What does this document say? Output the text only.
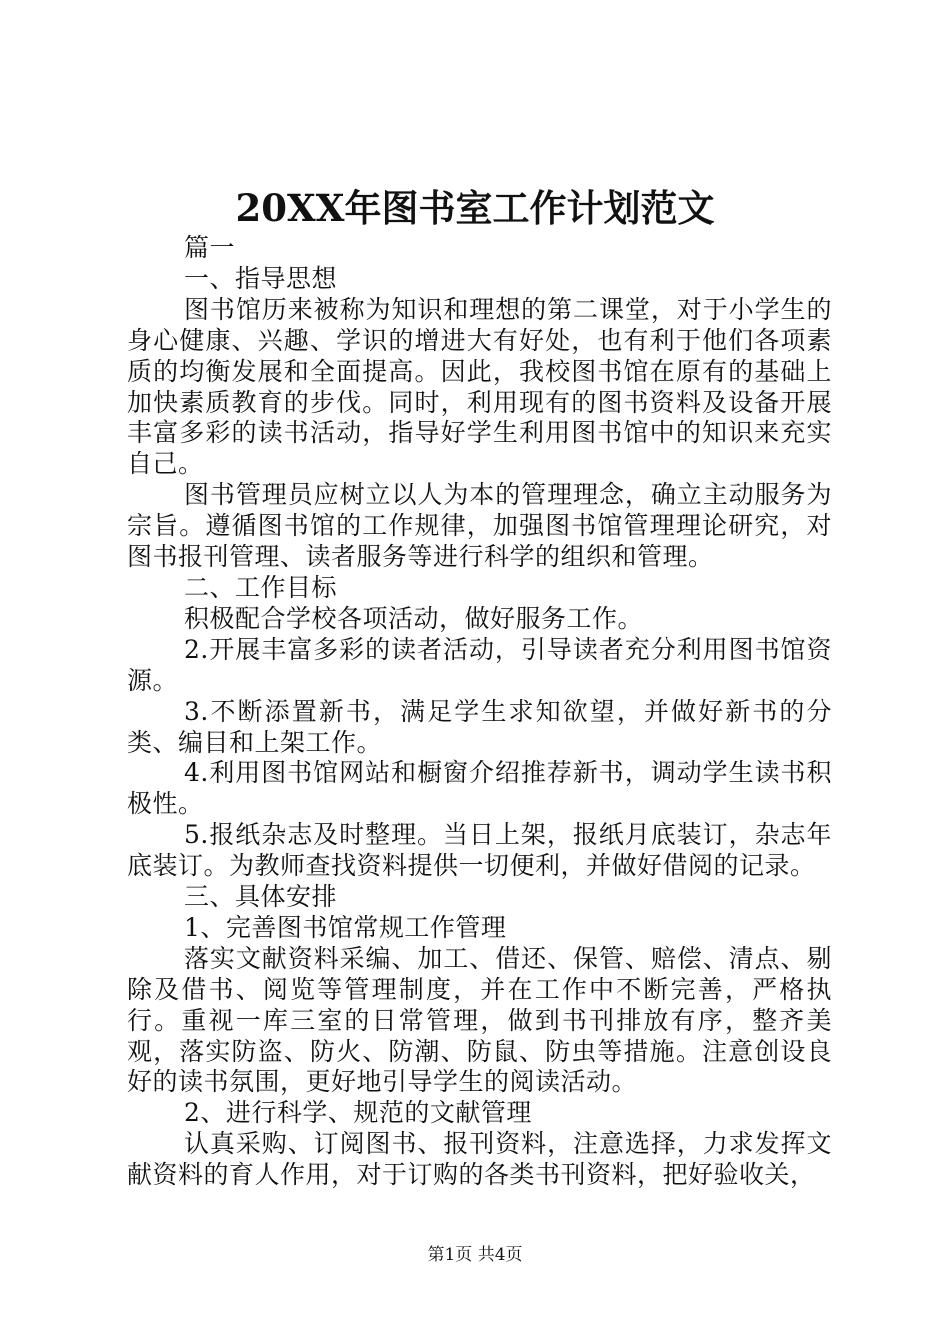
20XX年图书室工作计划范文

篇一

一、指导思想

图书馆历来被称为知识和理想的第二课堂，对于小学生的身心健康、兴趣、学识的增进大有好处，也有利于他们各项素质的均衡发展和全面提高。因此，我校图书馆在原有的基础上加快素质教育的步伐。同时，利用现有的图书资料及设备开展丰富多彩的读书活动，指导好学生利用图书馆中的知识来充实自己。

图书管理员应树立以人为本的管理理念，确立主动服务为宗旨。遵循图书馆的工作规律，加强图书馆管理理论研究，对图书报刊管理、读者服务等进行科学的组织和管理。

二、工作目标

积极配合学校各项活动，做好服务工作。

2.开展丰富多彩的读者活动，引导读者充分利用图书馆资源。

3.不断添置新书，满足学生求知欲望，并做好新书的分类、编目和上架工作。

4.利用图书馆网站和橱窗介绍推荐新书，调动学生读书积极性。

5.报纸杂志及时整理。当日上架，报纸月底装订，杂志年底装订。为教师查找资料提供一切便利，并做好借阅的记录。

三、具体安排

1、完善图书馆常规工作管理

落实文献资料采编、加工、借还、保管、赔偿、清点、剔除及借书、阅览等管理制度，并在工作中不断完善，严格执行。重视一库三室的日常管理，做到书刊排放有序，整齐美观，落实防盗、防火、防潮、防鼠、防虫等措施。注意创设良好的读书氛围，更好地引导学生的阅读活动。

2、进行科学、规范的文献管理

认真采购、订阅图书、报刊资料，注意选择，力求发挥文献资料的育人作用，对于订购的各类书刊资料，把好验收关，

第1页 共4页
